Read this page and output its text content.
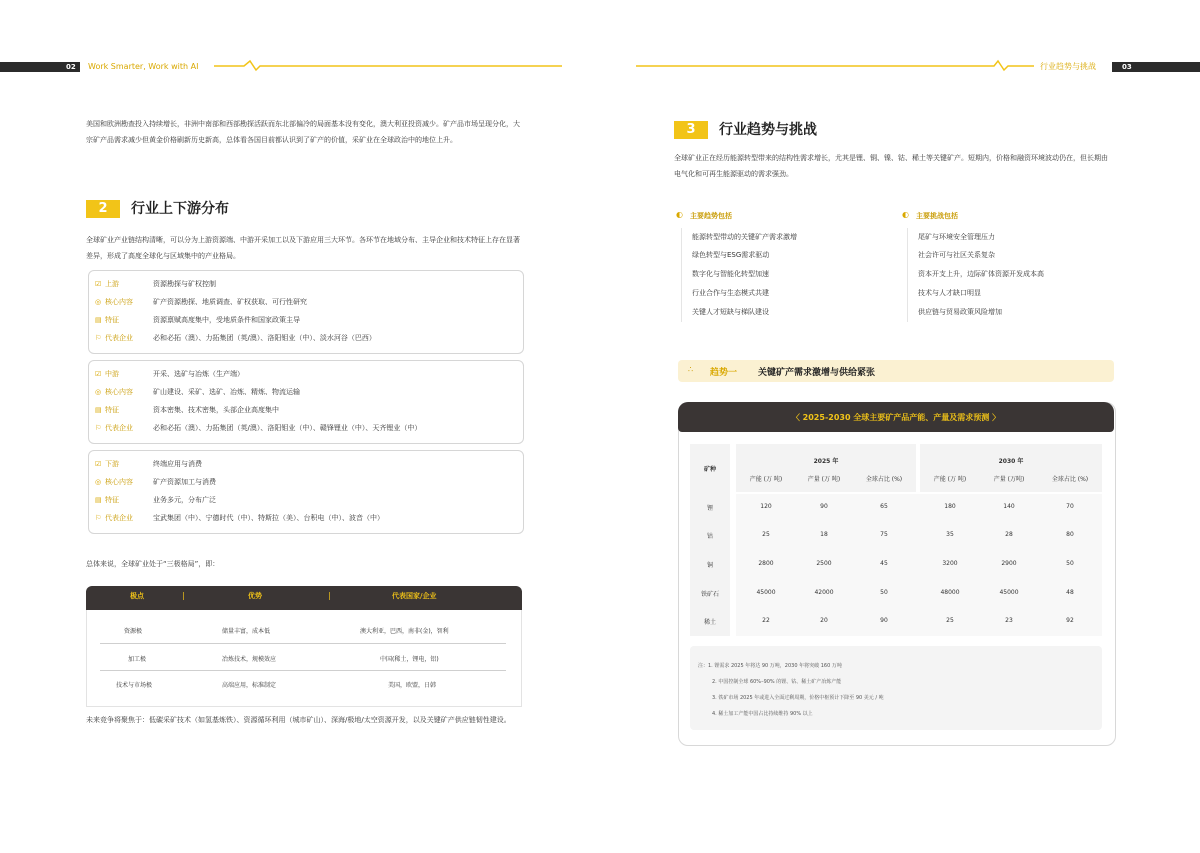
02 Work Smarter, Work with AI
美国和欧洲勘查投入持续增长，非洲中南部和西部勘探活跃而东北部偏冷的局面基本没有变化，澳大利亚投资减少。矿产品市场呈现分化，大宗矿产品需求减少但黄金价格刷新历史新高，总体看各国目前都认识到了矿产的价值，采矿业在全球政治中的地位上升。
2	行业上下游分布
全球矿业产业链结构清晰，可以分为上游资源端、中游开采加工以及下游应用三大环节。各环节在地域分布、主导企业和技术特征上存在显著差异，形成了高度全球化与区域集中的产业格局。
☑ 上游	资源勘探与矿权控制
◎ 核心内容	矿产资源勘探、地质调查、矿权获取、可行性研究
▤ 特征	资源禀赋高度集中，受地质条件和国家政策主导
⚐ 代表企业	必和必拓（澳）、力拓集团（英/澳）、洛阳钼业（中）、淡水河谷（巴西）
☑ 中游	开采、选矿与冶炼（生产端）
◎ 核心内容	矿山建设、采矿、选矿、冶炼、精炼、物流运输
▤ 特征	资本密集、技术密集，头部企业高度集中
⚐ 代表企业	必和必拓（澳）、力拓集团（英/澳）、洛阳钼业（中）、赣锋锂业（中）、天齐锂业（中）
☑ 下游	终端应用与消费
◎ 核心内容	矿产资源加工与消费
▤ 特征	业务多元，分布广泛
⚐ 代表企业	宝武集团（中）、宁德时代（中）、特斯拉（美）、台积电（中）、波音（中）
总体来说，全球矿业处于“三极格局”，即：
极点	|	优势	|	代表国家/企业
资源极	储量丰富，成本低	澳大利亚，巴西，南非(金)，智利
加工极	冶炼技术，规模效应	中国(稀土，锂电，铝)
技术与市场极	高端应用，标准制定	美国，欧盟，日韩
未来竞争将聚焦于：低碳采矿技术（如氢基炼铁）、资源循环利用（城市矿山）、深海/极地/太空资源开发，以及关键矿产供应链韧性建设。
行业趋势与挑战	03
3	行业趋势与挑战
全球矿业正在经历能源转型带来的结构性需求增长，尤其是锂、铜、镍、钴、稀土等关键矿产。短期内，价格和融资环境波动仍在，但长期由电气化和可再生能源驱动的需求强劲。
◐ 主要趋势包括
能源转型带动的关键矿产需求激增
绿色转型与ESG需求驱动
数字化与智能化转型加速
行业合作与生态模式共建
关键人才短缺与梯队建设
◐ 主要挑战包括
尾矿与环境安全管理压力
社会许可与社区关系复杂
资本开支上升，边际矿体资源开发成本高
技术与人才缺口明显
供应链与贸易政策风险增加
∴ 趋势一 关键矿产需求激增与供给紧张
〈 2025-2030 全球主要矿产品产能、产量及需求预测 〉
矿种
2025 年	2030 年
产能 (万 吨)	产量 (万 吨)	全球占比 (%)	产能 (万 吨)	产量 (万吨)	全球占比 (%)
锂	120	90	65	180	140	70
钴	25	18	75	35	28	80
铜	2800	2500	45	3200	2900	50
铁矿石	45000	42000	50	48000	45000	48
稀土	22	20	90	25	23	92
注：1. 锂需求 2025 年将达 90 万吨，2030 年将突破 160 万吨
2. 中国控制全球 60%–90% 的锂、钴、稀土矿产冶炼产能
3. 铁矿市场 2025 年或进入全面过剩周期，价格中枢预计下降至 90 美元 / 吨
4. 稀土加工产能中国占比持续维持 90% 以上
